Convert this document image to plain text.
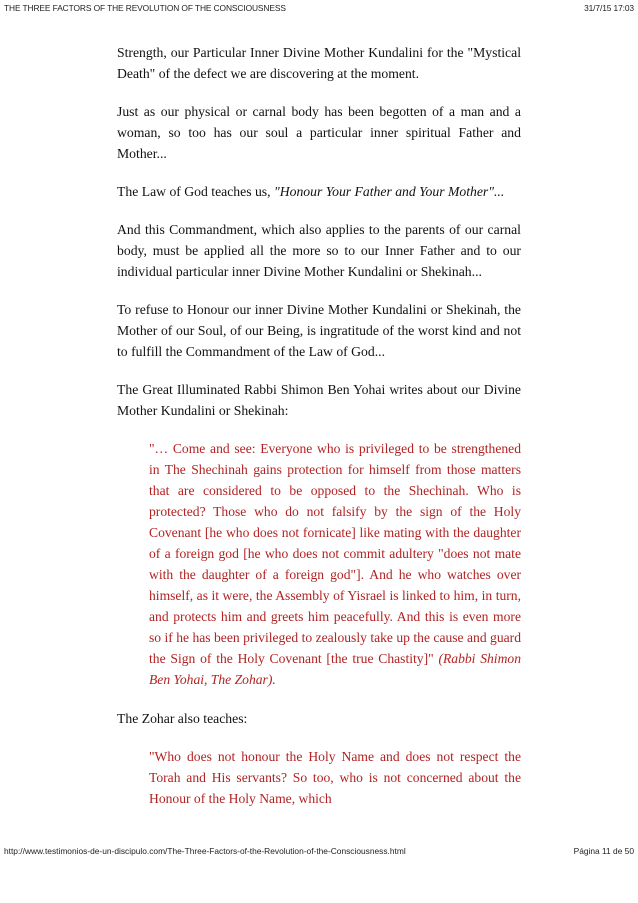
THE THREE FACTORS OF THE REVOLUTION OF THE CONSCIOUSNESS	31/7/15 17:03

Strength, our Particular Inner Divine Mother Kundalini for the "Mystical Death" of the defect we are discovering at the moment.

Just as our physical or carnal body has been begotten of a man and a woman, so too has our soul a particular inner spiritual Father and Mother...

The Law of God teaches us, "Honour Your Father and Your Mother"...

And this Commandment, which also applies to the parents of our carnal body, must be applied all the more so to our Inner Father and to our individual particular inner Divine Mother Kundalini or Shekinah...

To refuse to Honour our inner Divine Mother Kundalini or Shekinah, the Mother of our Soul, of our Being, is ingratitude of the worst kind and not to fulfill the Commandment of the Law of God...

The Great Illuminated Rabbi Shimon Ben Yohai writes about our Divine Mother Kundalini or Shekinah:

"… Come and see: Everyone who is privileged to be strengthened in The Shechinah gains protection for himself from those matters that are considered to be opposed to the Shechinah. Who is protected? Those who do not falsify by the sign of the Holy Covenant [he who does not fornicate] like mating with the daughter of a foreign god [he who does not commit adultery "does not mate with the daughter of a foreign god"]. And he who watches over himself, as it were, the Assembly of Yisrael is linked to him, in turn, and protects him and greets him peacefully. And this is even more so if he has been privileged to zealously take up the cause and guard the Sign of the Holy Covenant [the true Chastity]" (Rabbi Shimon Ben Yohai, The Zohar).

The Zohar also teaches:

"Who does not honour the Holy Name and does not respect the Torah and His servants? So too, who is not concerned about the Honour of the Holy Name, which
http://www.testimonios-de-un-discipulo.com/The-Three-Factors-of-the-Revolution-of-the-Consciousness.html	Página 11 de 50
